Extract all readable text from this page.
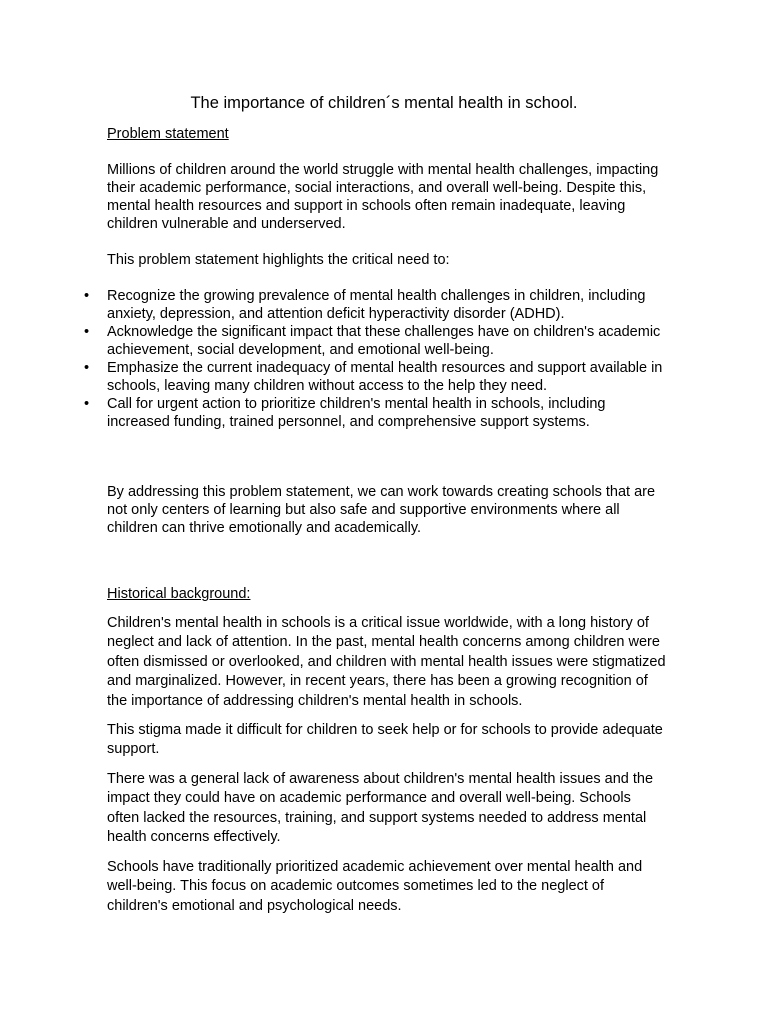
The importance of children´s mental health in school.

Problem statement

Millions of children around the world struggle with mental health challenges, impacting their academic performance, social interactions, and overall well-being. Despite this, mental health resources and support in schools often remain inadequate, leaving children vulnerable and underserved.

This problem statement highlights the critical need to:

• Recognize the growing prevalence of mental health challenges in children, including anxiety, depression, and attention deficit hyperactivity disorder (ADHD).
• Acknowledge the significant impact that these challenges have on children's academic achievement, social development, and emotional well-being.
• Emphasize the current inadequacy of mental health resources and support available in schools, leaving many children without access to the help they need.
• Call for urgent action to prioritize children's mental health in schools, including increased funding, trained personnel, and comprehensive support systems.

By addressing this problem statement, we can work towards creating schools that are not only centers of learning but also safe and supportive environments where all children can thrive emotionally and academically.

Historical background:

Children's mental health in schools is a critical issue worldwide, with a long history of neglect and lack of attention. In the past, mental health concerns among children were often dismissed or overlooked, and children with mental health issues were stigmatized and marginalized. However, in recent years, there has been a growing recognition of the importance of addressing children's mental health in schools.

This stigma made it difficult for children to seek help or for schools to provide adequate support.

There was a general lack of awareness about children's mental health issues and the impact they could have on academic performance and overall well-being. Schools often lacked the resources, training, and support systems needed to address mental health concerns effectively.

Schools have traditionally prioritized academic achievement over mental health and well-being. This focus on academic outcomes sometimes led to the neglect of children's emotional and psychological needs.
